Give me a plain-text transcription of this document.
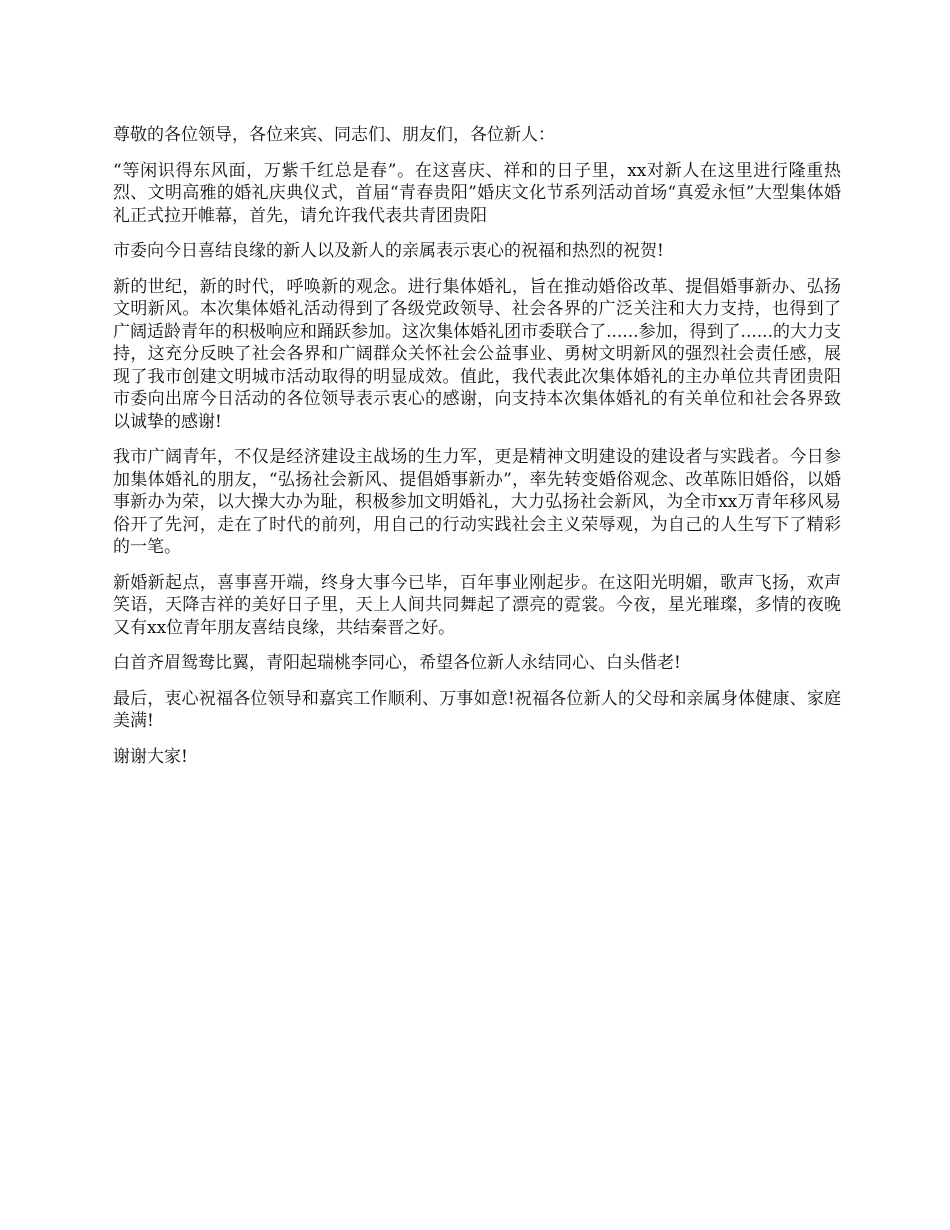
尊敬的各位领导，各位来宾、同志们、朋友们，各位新人：

“等闲识得东风面，万紫千红总是春”。在这喜庆、祥和的日子里，xx对新人在这里进行隆重热烈、文明高雅的婚礼庆典仪式，首届“青春贵阳”婚庆文化节系列活动首场“真爱永恒”大型集体婚礼正式拉开帷幕，首先，请允许我代表共青团贵阳

市委向今日喜结良缘的新人以及新人的亲属表示衷心的祝福和热烈的祝贺!

新的世纪，新的时代，呼唤新的观念。进行集体婚礼，旨在推动婚俗改革、提倡婚事新办、弘扬文明新风。本次集体婚礼活动得到了各级党政领导、社会各界的广泛关注和大力支持，也得到了广阔适龄青年的积极响应和踊跃参加。这次集体婚礼团市委联合了......参加，得到了......的大力支持，这充分反映了社会各界和广阔群众关怀社会公益事业、勇树文明新风的强烈社会责任感，展现了我市创建文明城市活动取得的明显成效。值此，我代表此次集体婚礼的主办单位共青团贵阳市委向出席今日活动的各位领导表示衷心的感谢，向支持本次集体婚礼的有关单位和社会各界致以诚挚的感谢!

我市广阔青年，不仅是经济建设主战场的生力军，更是精神文明建设的建设者与实践者。今日参加集体婚礼的朋友，“弘扬社会新风、提倡婚事新办”，率先转变婚俗观念、改革陈旧婚俗，以婚事新办为荣，以大操大办为耻，积极参加文明婚礼，大力弘扬社会新风，为全市xx万青年移风易俗开了先河，走在了时代的前列，用自己的行动实践社会主义荣辱观，为自己的人生写下了精彩的一笔。

新婚新起点，喜事喜开端，终身大事今已毕，百年事业刚起步。在这阳光明媚，歌声飞扬，欢声笑语，天降吉祥的美好日子里，天上人间共同舞起了漂亮的霓裳。今夜，星光璀璨，多情的夜晚又有xx位青年朋友喜结良缘，共结秦晋之好。

白首齐眉鸳鸯比翼，青阳起瑞桃李同心，希望各位新人永结同心、白头偕老!

最后，衷心祝福各位领导和嘉宾工作顺利、万事如意!祝福各位新人的父母和亲属身体健康、家庭美满!

谢谢大家!
